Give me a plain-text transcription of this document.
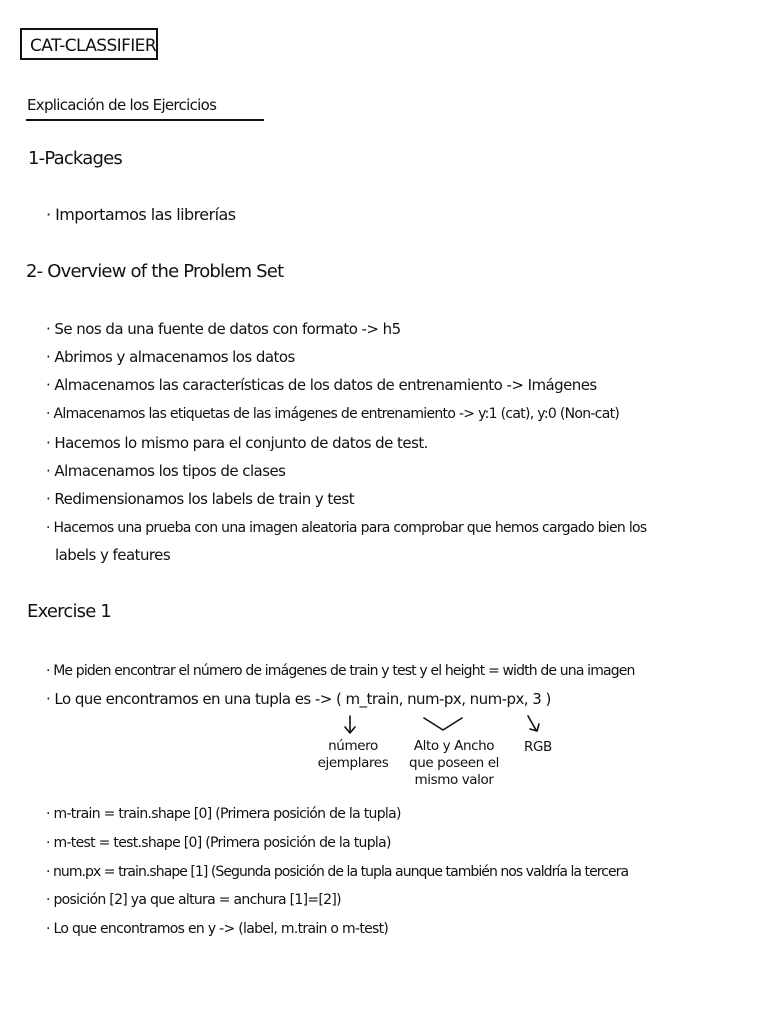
CAT-CLASSIFIER
Explicación de los Ejercicios
1-Packages
· Importamos las librerías
2- Overview of the Problem Set
· Se nos da una fuente de datos con formato -> h5
· Abrimos y almacenamos los datos
· Almacenamos las características de los datos de entrenamiento -> Imágenes
· Almacenamos las etiquetas de las imágenes de entrenamiento -> y:1 (cat), y:0 (Non-cat)
· Hacemos lo mismo para el conjunto de datos de test.
· Almacenamos los tipos de clases
· Redimensionamos los labels de train y test
· Hacemos una prueba con una imagen aleatoria para comprobar que hemos cargado bien los
labels y features
Exercise 1
· Me piden encontrar el número de imágenes de train y test y el height = width de una imagen
· Lo que encontramos en una tupla es -> ( m_train, num-px, num-px, 3 )
número ejemplares
Alto y Ancho que poseen el mismo valor
RGB
· m-train = train.shape [0] (Primera posición de la tupla)
· m-test = test.shape [0] (Primera posición de la tupla)
· num.px = train.shape [1] (Segunda posición de la tupla aunque también nos valdría la tercera
· posición [2] ya que altura = anchura [1]=[2])
· Lo que encontramos en y -> (label, m.train o m-test)
